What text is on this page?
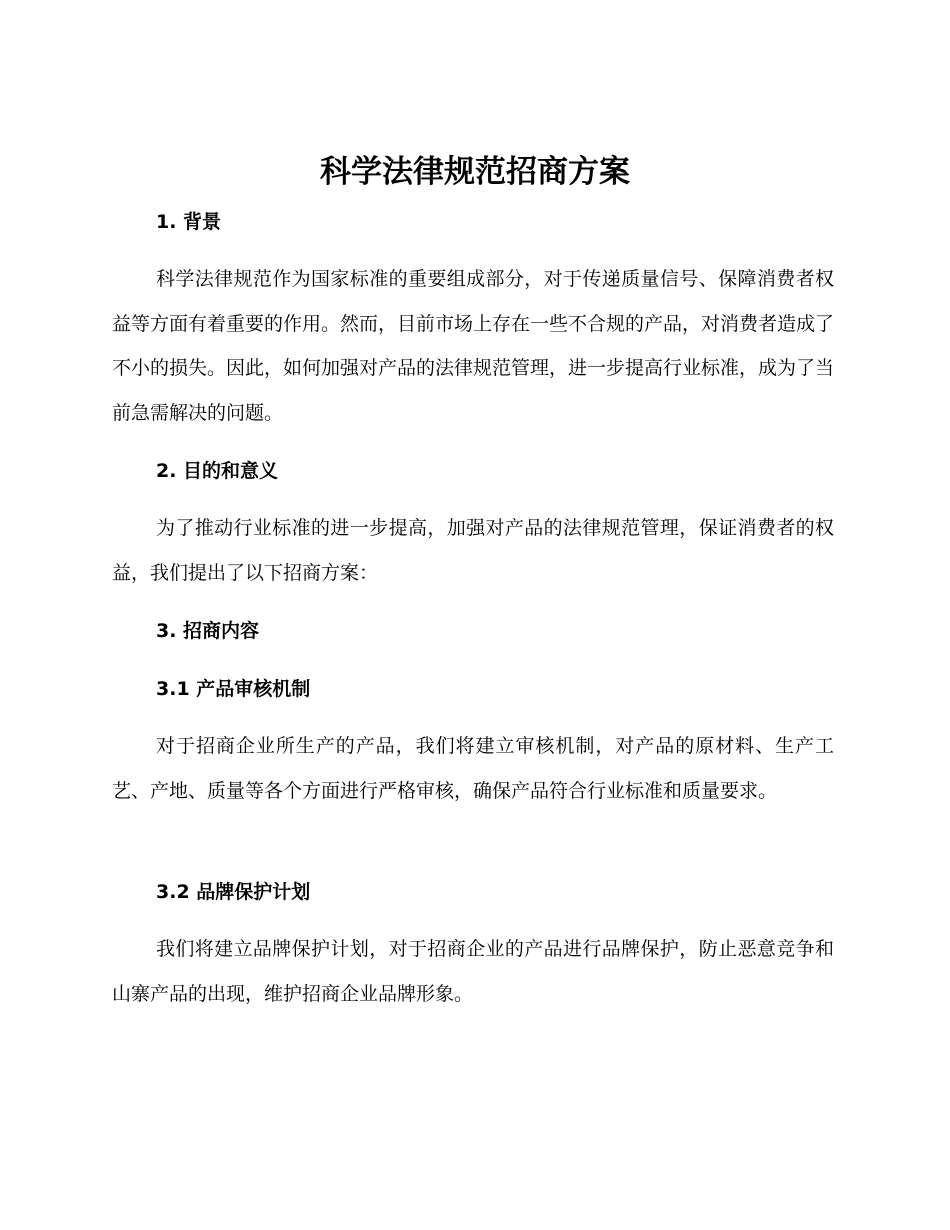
科学法律规范招商方案
1. 背景

科学法律规范作为国家标准的重要组成部分，对于传递质量信号、保障消费者权益等方面有着重要的作用。然而，目前市场上存在一些不合规的产品，对消费者造成了不小的损失。因此，如何加强对产品的法律规范管理，进一步提高行业标准，成为了当前急需解决的问题。

2. 目的和意义

为了推动行业标准的进一步提高，加强对产品的法律规范管理，保证消费者的权益，我们提出了以下招商方案：

3. 招商内容
3.1 产品审核机制

对于招商企业所生产的产品，我们将建立审核机制，对产品的原材料、生产工艺、产地、质量等各个方面进行严格审核，确保产品符合行业标准和质量要求。

3.2 品牌保护计划

我们将建立品牌保护计划，对于招商企业的产品进行品牌保护，防止恶意竞争和山寨产品的出现，维护招商企业品牌形象。
